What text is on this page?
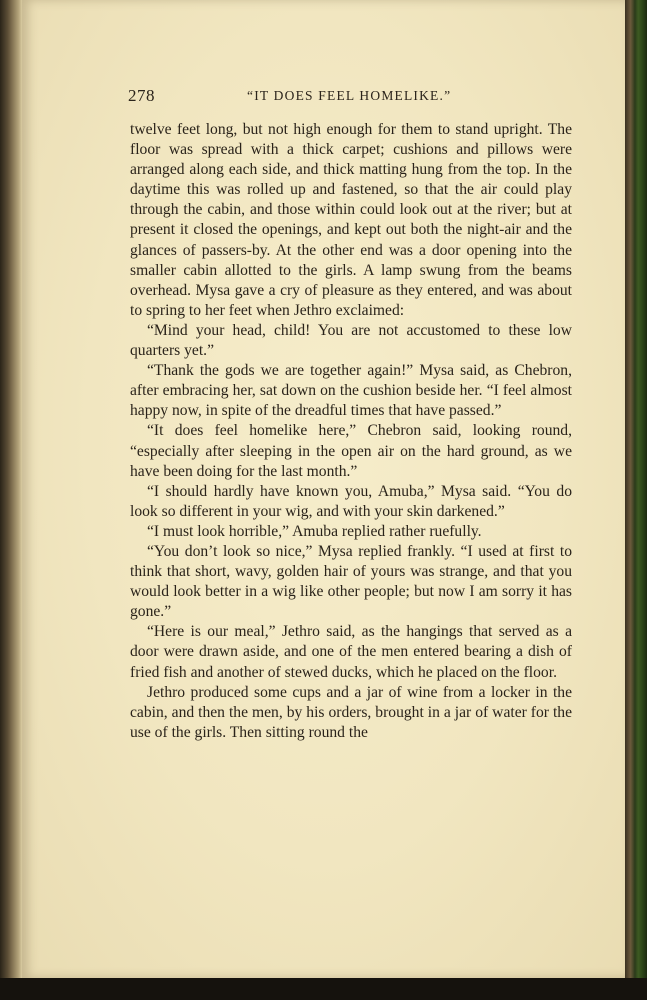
278	“IT DOES FEEL HOMELIKE.”

twelve feet long, but not high enough for them to stand upright. The floor was spread with a thick carpet; cushions and pillows were arranged along each side, and thick matting hung from the top. In the daytime this was rolled up and fastened, so that the air could play through the cabin, and those within could look out at the river; but at present it closed the openings, and kept out both the night-air and the glances of passers-by. At the other end was a door opening into the smaller cabin allotted to the girls. A lamp swung from the beams overhead. Mysa gave a cry of pleasure as they entered, and was about to spring to her feet when Jethro exclaimed:

“Mind your head, child! You are not accustomed to these low quarters yet.”

“Thank the gods we are together again!” Mysa said, as Chebron, after embracing her, sat down on the cushion beside her. “I feel almost happy now, in spite of the dreadful times that have passed.”

“It does feel homelike here,” Chebron said, looking round, “especially after sleeping in the open air on the hard ground, as we have been doing for the last month.”

“I should hardly have known you, Amuba,” Mysa said. “You do look so different in your wig, and with your skin darkened.”

“I must look horrible,” Amuba replied rather ruefully.

“You don’t look so nice,” Mysa replied frankly. “I used at first to think that short, wavy, golden hair of yours was strange, and that you would look better in a wig like other people; but now I am sorry it has gone.”

“Here is our meal,” Jethro said, as the hangings that served as a door were drawn aside, and one of the men entered bearing a dish of fried fish and another of stewed ducks, which he placed on the floor.

Jethro produced some cups and a jar of wine from a locker in the cabin, and then the men, by his orders, brought in a jar of water for the use of the girls. Then sitting round the
